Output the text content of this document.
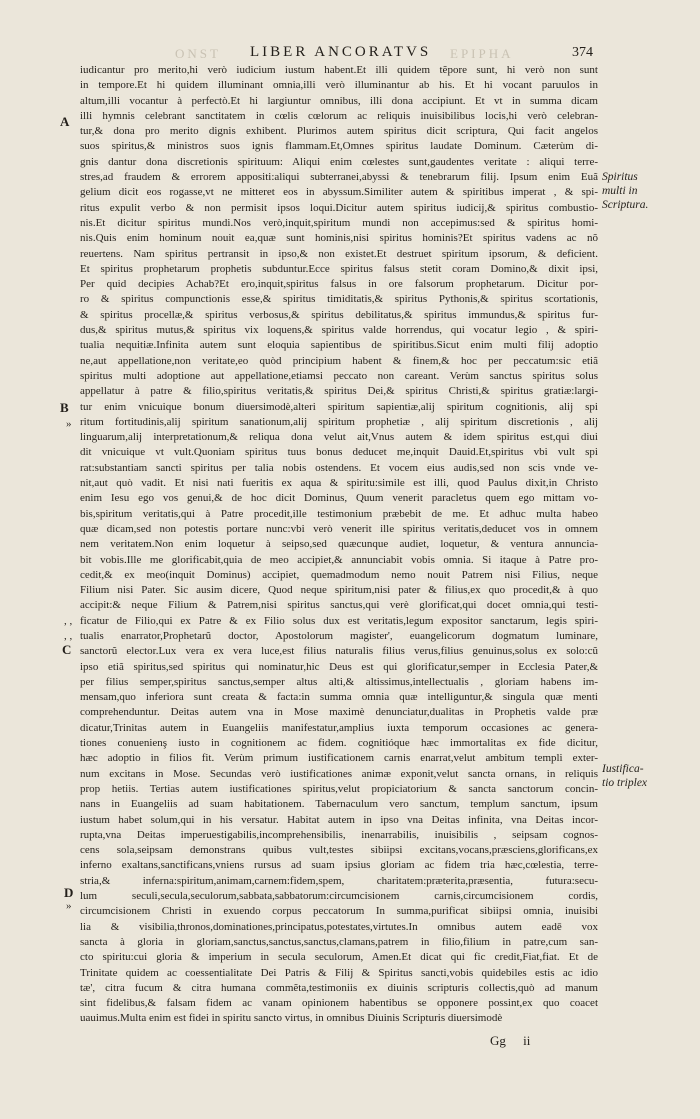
ONST LIBER ANCORATVS EPIPHA	374
A
B
»
, ,
, ,
C
D
»
Spiritus
multi in
Scriptura.
Iustifica-
tio triplex
iudicantur pro merito,hi verò iudicium iustum habent.Et illi quidem tẽpore sunt, hi verò non sunt
in tempore.Et hi quidem illuminant omnia,illi verò illuminantur ab his. Et hi vocant paruulos in
altum,illi vocantur à perfectò.Et hi largiuntur omnibus, illi dona accipiunt. Et vt in summa dicam
illi hymnis celebrant sanctitatem in cœlis cœlorum ac reliquis inuisibilibus locis,hi verò celebran-
tur,& dona pro merito dignis exhibent. Plurimos autem spiritus dicit scriptura, Qui facit angelos
suos spiritus,& ministros suos ignis flammam.Et,Omnes spiritus laudate Dominum. Cæterùm di-
gnis dantur dona discretionis spirituum: Aliqui enim cœlestes sunt,gaudentes veritate : aliqui terre-
stres,ad fraudem & errorem appositi:aliqui subterranei,abyssi & tenebrarum filij. Ipsum enim Euã
gelium dicit eos rogasse,vt ne mitteret eos in abyssum.Similiter autem & spiritibus imperat , & spi-
ritus expulit verbo & non permisit ipsos loqui.Dicitur autem spiritus iudicij,& spiritus combustio-
nis.Et dicitur spiritus mundi.Nos verò,inquit,spiritum mundi non accepimus:sed & spiritus homi-
nis.Quis enim hominum nouit ea,quæ sunt hominis,nisi spiritus hominis?Et spiritus vadens ac nõ
reuertens. Nam spiritus pertransit in ipso,& non existet.Et destruet spiritum ipsorum, & deficient.
Et spiritus prophetarum prophetis subduntur.Ecce spiritus falsus stetit coram Domino,& dixit ipsi,
Per quid decipies Achab?Et ero,inquit,spiritus falsus in ore falsorum prophetarum. Dicitur por-
ro & spiritus compunctionis esse,& spiritus timiditatis,& spiritus Pythonis,& spiritus scortationis,
& spiritus procellæ,& spiritus verbosus,& spiritus debilitatus,& spiritus immundus,& spiritus fur-
dus,& spiritus mutus,& spiritus vix loquens,& spiritus valde horrendus, qui vocatur legio , & spiri-
tualia nequitiæ.Infinita autem sunt eloquia sapientibus de spiritibus.Sicut enim multi filij adoptio
ne,aut appellatione,non veritate,eo quòd principium habent & finem,& hoc per peccatum:sic etiã
spiritus multi adoptione aut appellatione,etiamsi peccato non careant. Verùm sanctus spiritus solus
appellatur à patre & filio,spiritus veritatis,& spiritus Dei,& spiritus Christi,& spiritus gratiæ:largi-
tur enim vnicuique bonum diuersimodè,alteri spiritum sapientiæ,alij spiritum cognitionis, alij spi
ritum fortitudinis,alij spiritum sanationum,alij spiritum prophetiæ , alij spiritum discretionis , alij
linguarum,alij interpretationum,& reliqua dona velut ait,Vnus autem & idem spiritus est,qui diui
dit vnicuique vt vult.Quoniam spiritus tuus bonus deducet me,inquit Dauid.Et,spiritus vbi vult spi
rat:substantiam sancti spiritus per talia nobis ostendens. Et vocem eius audis,sed non scis vnde ve-
nit,aut quò vadit. Et nisi nati fueritis ex aqua & spiritu:simile est illi, quod Paulus dixit,in Christo
enim Iesu ego vos genui,& de hoc dicit Dominus, Quum venerit paracletus quem ego mittam vo-
bis,spiritum veritatis,qui à Patre procedit,ille testimonium præbebit de me. Et adhuc multa habeo
quæ dicam,sed non potestis portare nunc:vbi verò venerit ille spiritus veritatis,deducet vos in omnem
nem veritatem.Non enim loquetur à seipso,sed quæcunque audiet, loquetur, & ventura annuncia-
bit vobis.Ille me glorificabit,quia de meo accipiet,& annunciabit vobis omnia. Si itaque à Patre pro-
cedit,& ex meo(inquit Dominus) accipiet, quemadmodum nemo nouit Patrem nisi Filius, neque
Filium nisi Pater. Sic ausim dicere, Quod neque spiritum,nisi pater & filius,ex quo procedit,& à quo
accipit:& neque Filium & Patrem,nisi spiritus sanctus,qui verè glorificat,qui docet omnia,qui testi-
ficatur de Filio,qui ex Patre & ex Filio solus dux est veritatis,legum expositor sanctarum, legis spiri-
tualis enarrator,Prophetarũ doctor, Apostolorum magister', euangelicorum dogmatum luminare,
sanctorũ elector.Lux vera ex vera luce,est filius naturalis filius verus,filius genuinus,solus ex solo:cũ
ipso etiã spiritus,sed spiritus qui nominatur,hic Deus est qui glorificatur,semper in Ecclesia Pater,&
per filius semper,spiritus sanctus,semper altus alti,& altissimus,intellectualis , gloriam habens im-
mensam,quo inferiora sunt creata & facta:in summa omnia quæ intelliguntur,& singula quæ menti
comprehenduntur. Deitas autem vna in Mose maximè denunciatur,dualitas in Prophetis valde præ
dicatur,Trinitas autem in Euangeliis manifestatur,amplius iuxta temporum occasiones ac genera-
tiones conuenienş iusto in cognitionem ac fidem. cognitióque hæc immortalitas ex fide dicitur,
hæc adoptio in filios fit. Verùm primum iustificationem carnis enarrat,velut ambitum templi exter-
num excitans in Mose. Secundas verò iustificationes animæ exponit,velut sancta ornans, in reliquis
prop hetiis. Tertias autem iustificationes spiritus,velut propiciatorium & sancta sanctorum concin-
nans in Euangeliis ad suam habitationem. Tabernaculum vero sanctum, templum sanctum, ipsum
iustum habet solum,qui in his versatur. Habitat autem in ipso vna Deitas infinita, vna Deitas incor-
rupta,vna Deitas imperuestigabilis,incomprehensibilis, inenarrabilis, inuisibilis , seipsam cognos-
cens sola,seipsam demonstrans quibus vult,testes sibiipsi excitans,vocans,præsciens,glorificans,ex
inferno exaltans,sanctificans,vniens rursus ad suam ipsius gloriam ac fidem tria hæc,cœlestia, terre-
stria,& inferna:spiritum,animam,carnem:fidem,spem, charitatem:præterita,præsentia, futura:secu-
lum seculi,secula,seculorum,sabbata,sabbatorum:circumcisionem carnis,circumcisionem cordis,
circumcisionem Christi in exuendo corpus peccatorum In summa,purificat sibiipsi omnia, inuisibi
lia & visibilia,thronos,dominationes,principatus,potestates,virtutes.In omnibus autem eadē vox
sancta à gloria in gloriam,sanctus,sanctus,sanctus,clamans,patrem in filio,filium in patre,cum san-
cto spiritu:cui gloria & imperium in secula seculorum, Amen.Et dicat qui fic credit,Fiat,fiat. Et de
Trinitate quidem ac coessentialitate Dei Patris & Filij & Spiritus sancti,vobis quidebiles estis ac idio
tæ', citra fucum & citra humana commẽta,testimoniis ex diuinis scripturis collectis,quò ad manum
sint fidelibus,& falsam fidem ac vanam opinionem habentibus se opponere possint,ex quo coacet
uauimus.Multa enim est fidei in spiritu sancto virtus, in omnibus Diuinis Scripturis diuersimodè
Gg ii
